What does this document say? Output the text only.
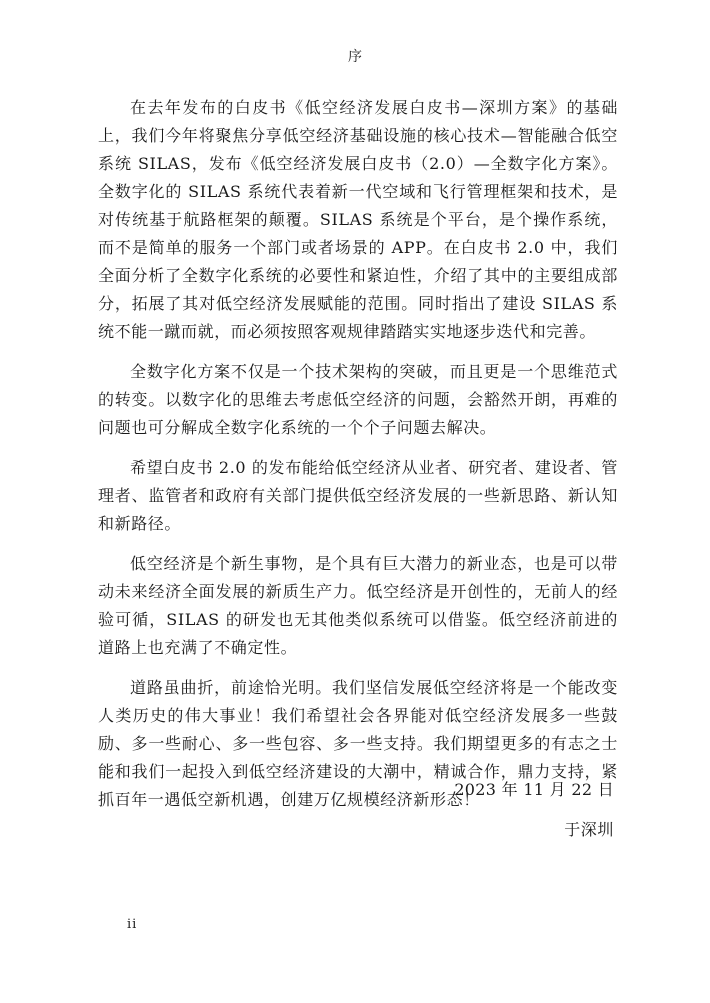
序

在去年发布的白皮书《低空经济发展白皮书—深圳方案》的基础上，我们今年将聚焦分享低空经济基础设施的核心技术—智能融合低空系统 SILAS，发布《低空经济发展白皮书（2.0）—全数字化方案》。全数字化的 SILAS 系统代表着新一代空域和飞行管理框架和技术，是对传统基于航路框架的颠覆。SILAS 系统是个平台，是个操作系统，而不是简单的服务一个部门或者场景的 APP。在白皮书 2.0 中，我们全面分析了全数字化系统的必要性和紧迫性，介绍了其中的主要组成部分，拓展了其对低空经济发展赋能的范围。同时指出了建设 SILAS 系统不能一蹴而就，而必须按照客观规律踏踏实实地逐步迭代和完善。

全数字化方案不仅是一个技术架构的突破，而且更是一个思维范式的转变。以数字化的思维去考虑低空经济的问题，会豁然开朗，再难的问题也可分解成全数字化系统的一个个子问题去解决。

希望白皮书 2.0 的发布能给低空经济从业者、研究者、建设者、管理者、监管者和政府有关部门提供低空经济发展的一些新思路、新认知和新路径。

低空经济是个新生事物，是个具有巨大潜力的新业态，也是可以带动未来经济全面发展的新质生产力。低空经济是开创性的，无前人的经验可循，SILAS 的研发也无其他类似系统可以借鉴。低空经济前进的道路上也充满了不确定性。

道路虽曲折，前途恰光明。我们坚信发展低空经济将是一个能改变人类历史的伟大事业！我们希望社会各界能对低空经济发展多一些鼓励、多一些耐心、多一些包容、多一些支持。我们期望更多的有志之士能和我们一起投入到低空经济建设的大潮中，精诚合作，鼎力支持，紧抓百年一遇低空新机遇，创建万亿规模经济新形态！

2023 年 11 月 22 日
于深圳
ii
